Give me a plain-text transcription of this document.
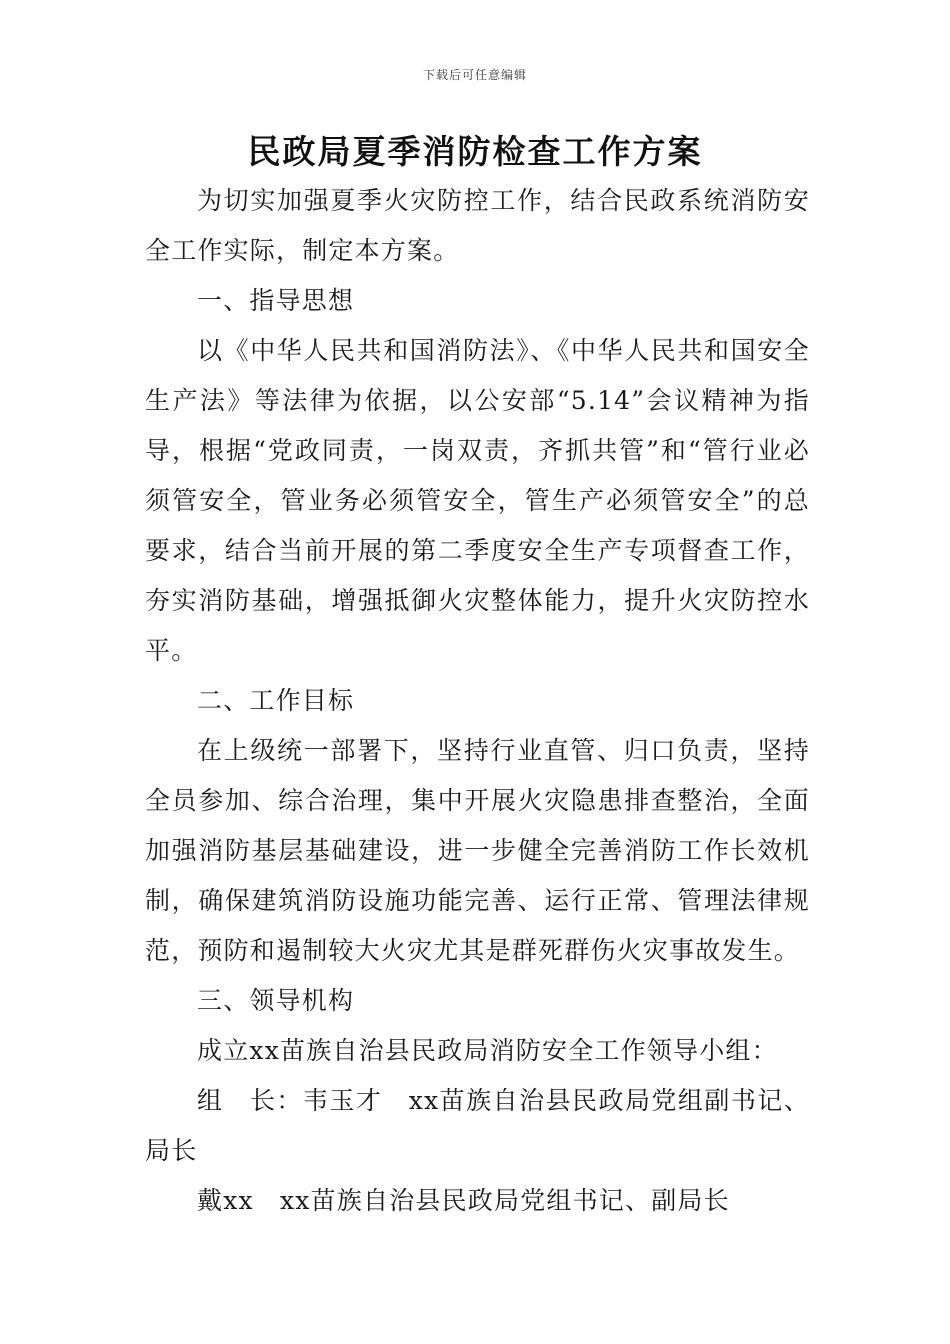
下载后可任意编辑
民政局夏季消防检查工作方案

为切实加强夏季火灾防控工作，结合民政系统消防安全工作实际，制定本方案。

一、指导思想

以《中华人民共和国消防法》、《中华人民共和国安全生产法》等法律为依据，以公安部“5.14”会议精神为指导，根据“党政同责，一岗双责，齐抓共管”和“管行业必须管安全，管业务必须管安全，管生产必须管安全”的总要求，结合当前开展的第二季度安全生产专项督查工作，夯实消防基础，增强抵御火灾整体能力，提升火灾防控水平。

二、工作目标

在上级统一部署下，坚持行业直管、归口负责，坚持全员参加、综合治理，集中开展火灾隐患排查整治，全面加强消防基层基础建设，进一步健全完善消防工作长效机制，确保建筑消防设施功能完善、运行正常、管理法律规范，预防和遏制较大火灾尤其是群死群伤火灾事故发生。

三、领导机构

成立xx苗族自治县民政局消防安全工作领导小组：

组　长：韦玉才　xx苗族自治县民政局党组副书记、局长

戴xx　xx苗族自治县民政局党组书记、副局长
